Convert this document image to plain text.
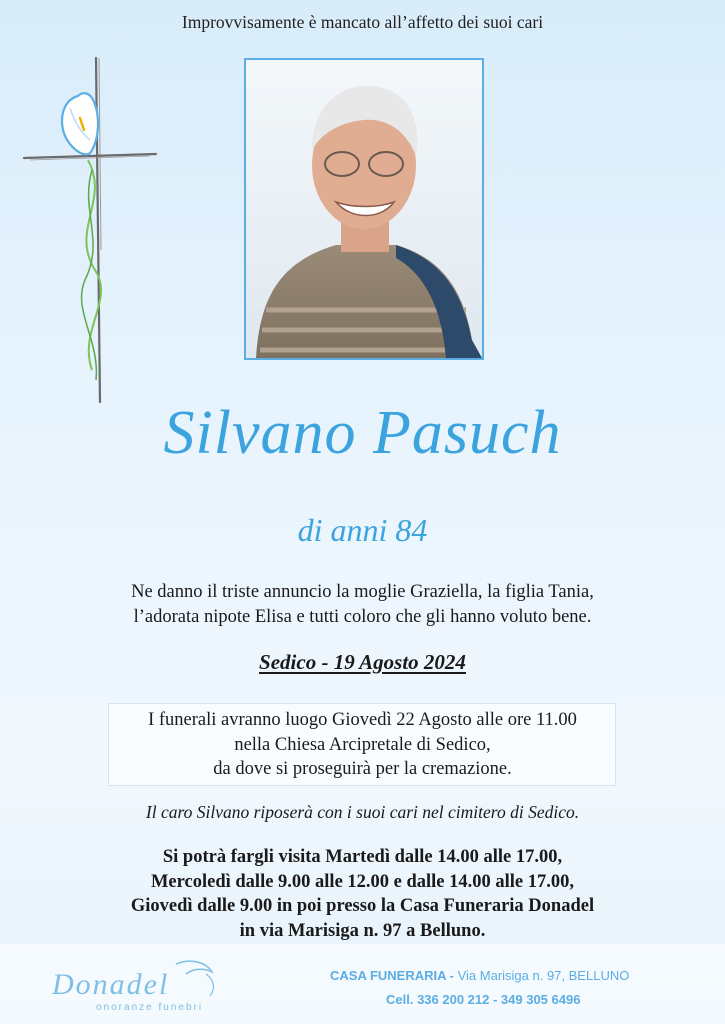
Improvvisamente è mancato all’affetto dei suoi cari
Silvano Pasuch
di anni 84
Ne danno il triste annuncio la moglie Graziella, la figlia Tania,
l’adorata nipote Elisa e tutti coloro che gli hanno voluto bene.
Sedico - 19 Agosto 2024
I funerali avranno luogo Giovedì 22 Agosto alle ore 11.00
nella Chiesa Arcipretale di Sedico,
da dove si proseguirà per la cremazione.
Il caro Silvano riposerà con i suoi cari nel cimitero di Sedico.
Si potrà fargli visita Martedì dalle 14.00 alle 17.00,
Mercoledì dalle 9.00 alle 12.00 e dalle 14.00 alle 17.00,
Giovedì dalle 9.00 in poi presso la Casa Funeraria Donadel
in via Marisiga n. 97 a Belluno.
Donadel
onoranze funebri
CASA FUNERARIA - Via Marisiga n. 97, BELLUNO
Cell. 336 200 212 - 349 305 6496
